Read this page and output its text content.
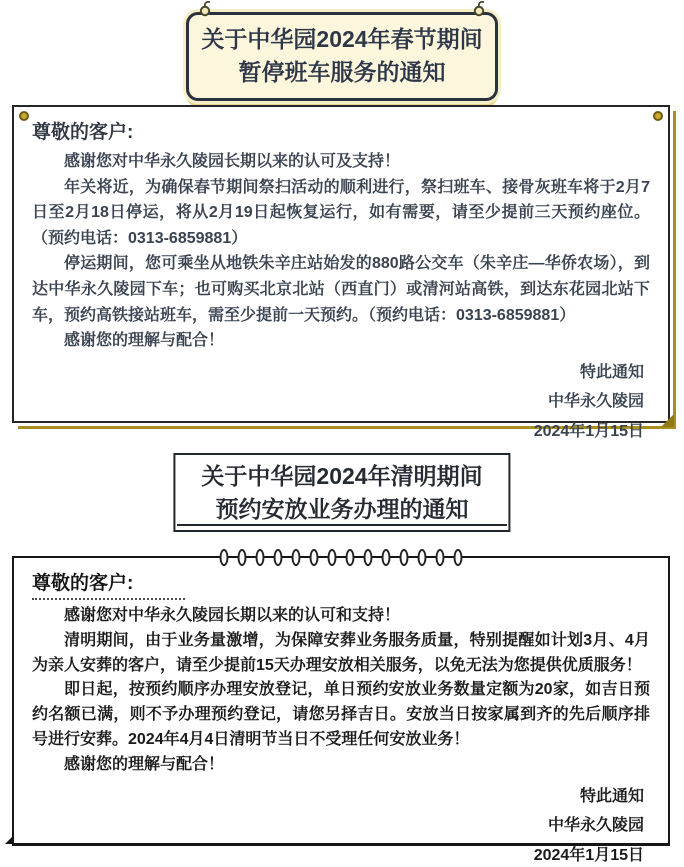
关于中华园2024年春节期间
暂停班车服务的通知
尊敬的客户:

感谢您对中华永久陵园长期以来的认可及支持！

年关将近，为确保春节期间祭扫活动的顺利进行，祭扫班车、接骨灰班车将于2月7日至2月18日停运，将从2月19日起恢复运行，如有需要，请至少提前三天预约座位。（预约电话：0313-6859881）

停运期间，您可乘坐从地铁朱辛庄站始发的880路公交车（朱辛庄—华侨农场），到达中华永久陵园下车；也可购买北京北站（西直门）或清河站高铁，到达东花园北站下车，预约高铁接站班车，需至少提前一天预约。（预约电话：0313-6859881）

感谢您的理解与配合！

特此通知
中华永久陵园
2024年1月15日
关于中华园2024年清明期间
预约安放业务办理的通知
尊敬的客户:

感谢您对中华永久陵园长期以来的认可和支持！

清明期间，由于业务量激增，为保障安葬业务服务质量，特别提醒如计划3月、4月为亲人安葬的客户，请至少提前15天办理安放相关服务，以免无法为您提供优质服务！

即日起，按预约顺序办理安放登记，单日预约安放业务数量定额为20家，如吉日预约名额已满，则不予办理预约登记，请您另择吉日。安放当日按家属到齐的先后顺序排号进行安葬。2024年4月4日清明节当日不受理任何安放业务！

感谢您的理解与配合！

特此通知
中华永久陵园
2024年1月15日
